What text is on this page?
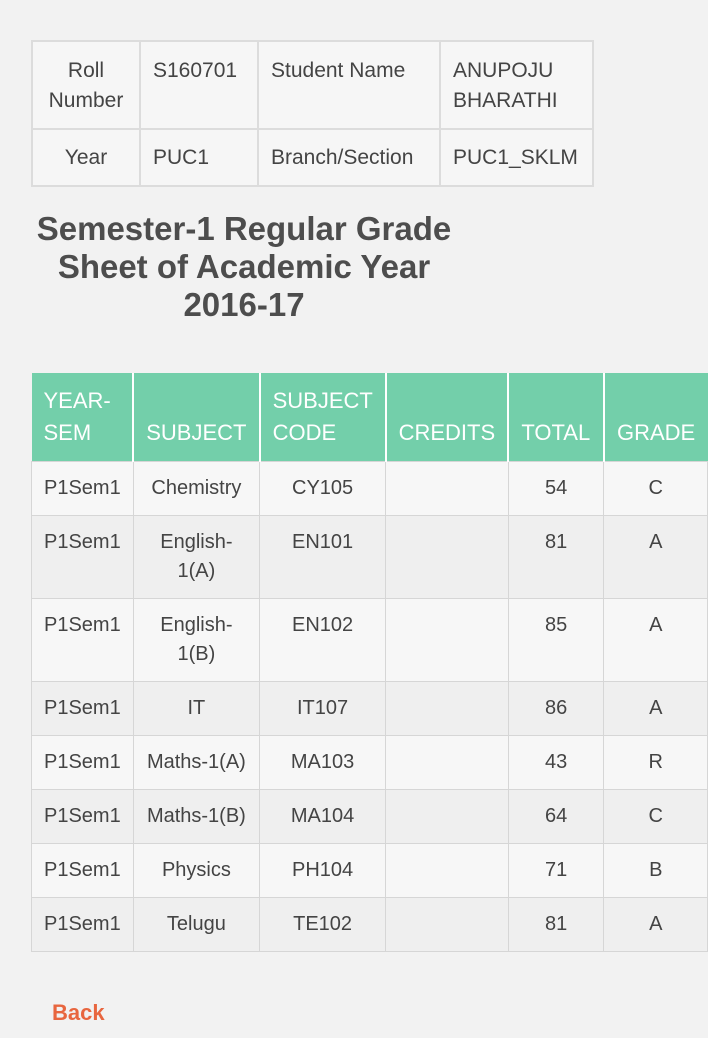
Roll Number	S160701	Student Name	ANUPOJU BHARATHI
Year	PUC1	Branch/Section	PUC1_SKLM
Semester-1 Regular Grade Sheet of Academic Year 2016-17
YEAR-SEM	SUBJECT	SUBJECT CODE	CREDITS	TOTAL	GRADE
P1Sem1	Chemistry	CY105		54	C
P1Sem1	English-1(A)	EN101		81	A
P1Sem1	English-1(B)	EN102		85	A
P1Sem1	IT	IT107		86	A
P1Sem1	Maths-1(A)	MA103		43	R
P1Sem1	Maths-1(B)	MA104		64	C
P1Sem1	Physics	PH104		71	B
P1Sem1	Telugu	TE102		81	A
Back
